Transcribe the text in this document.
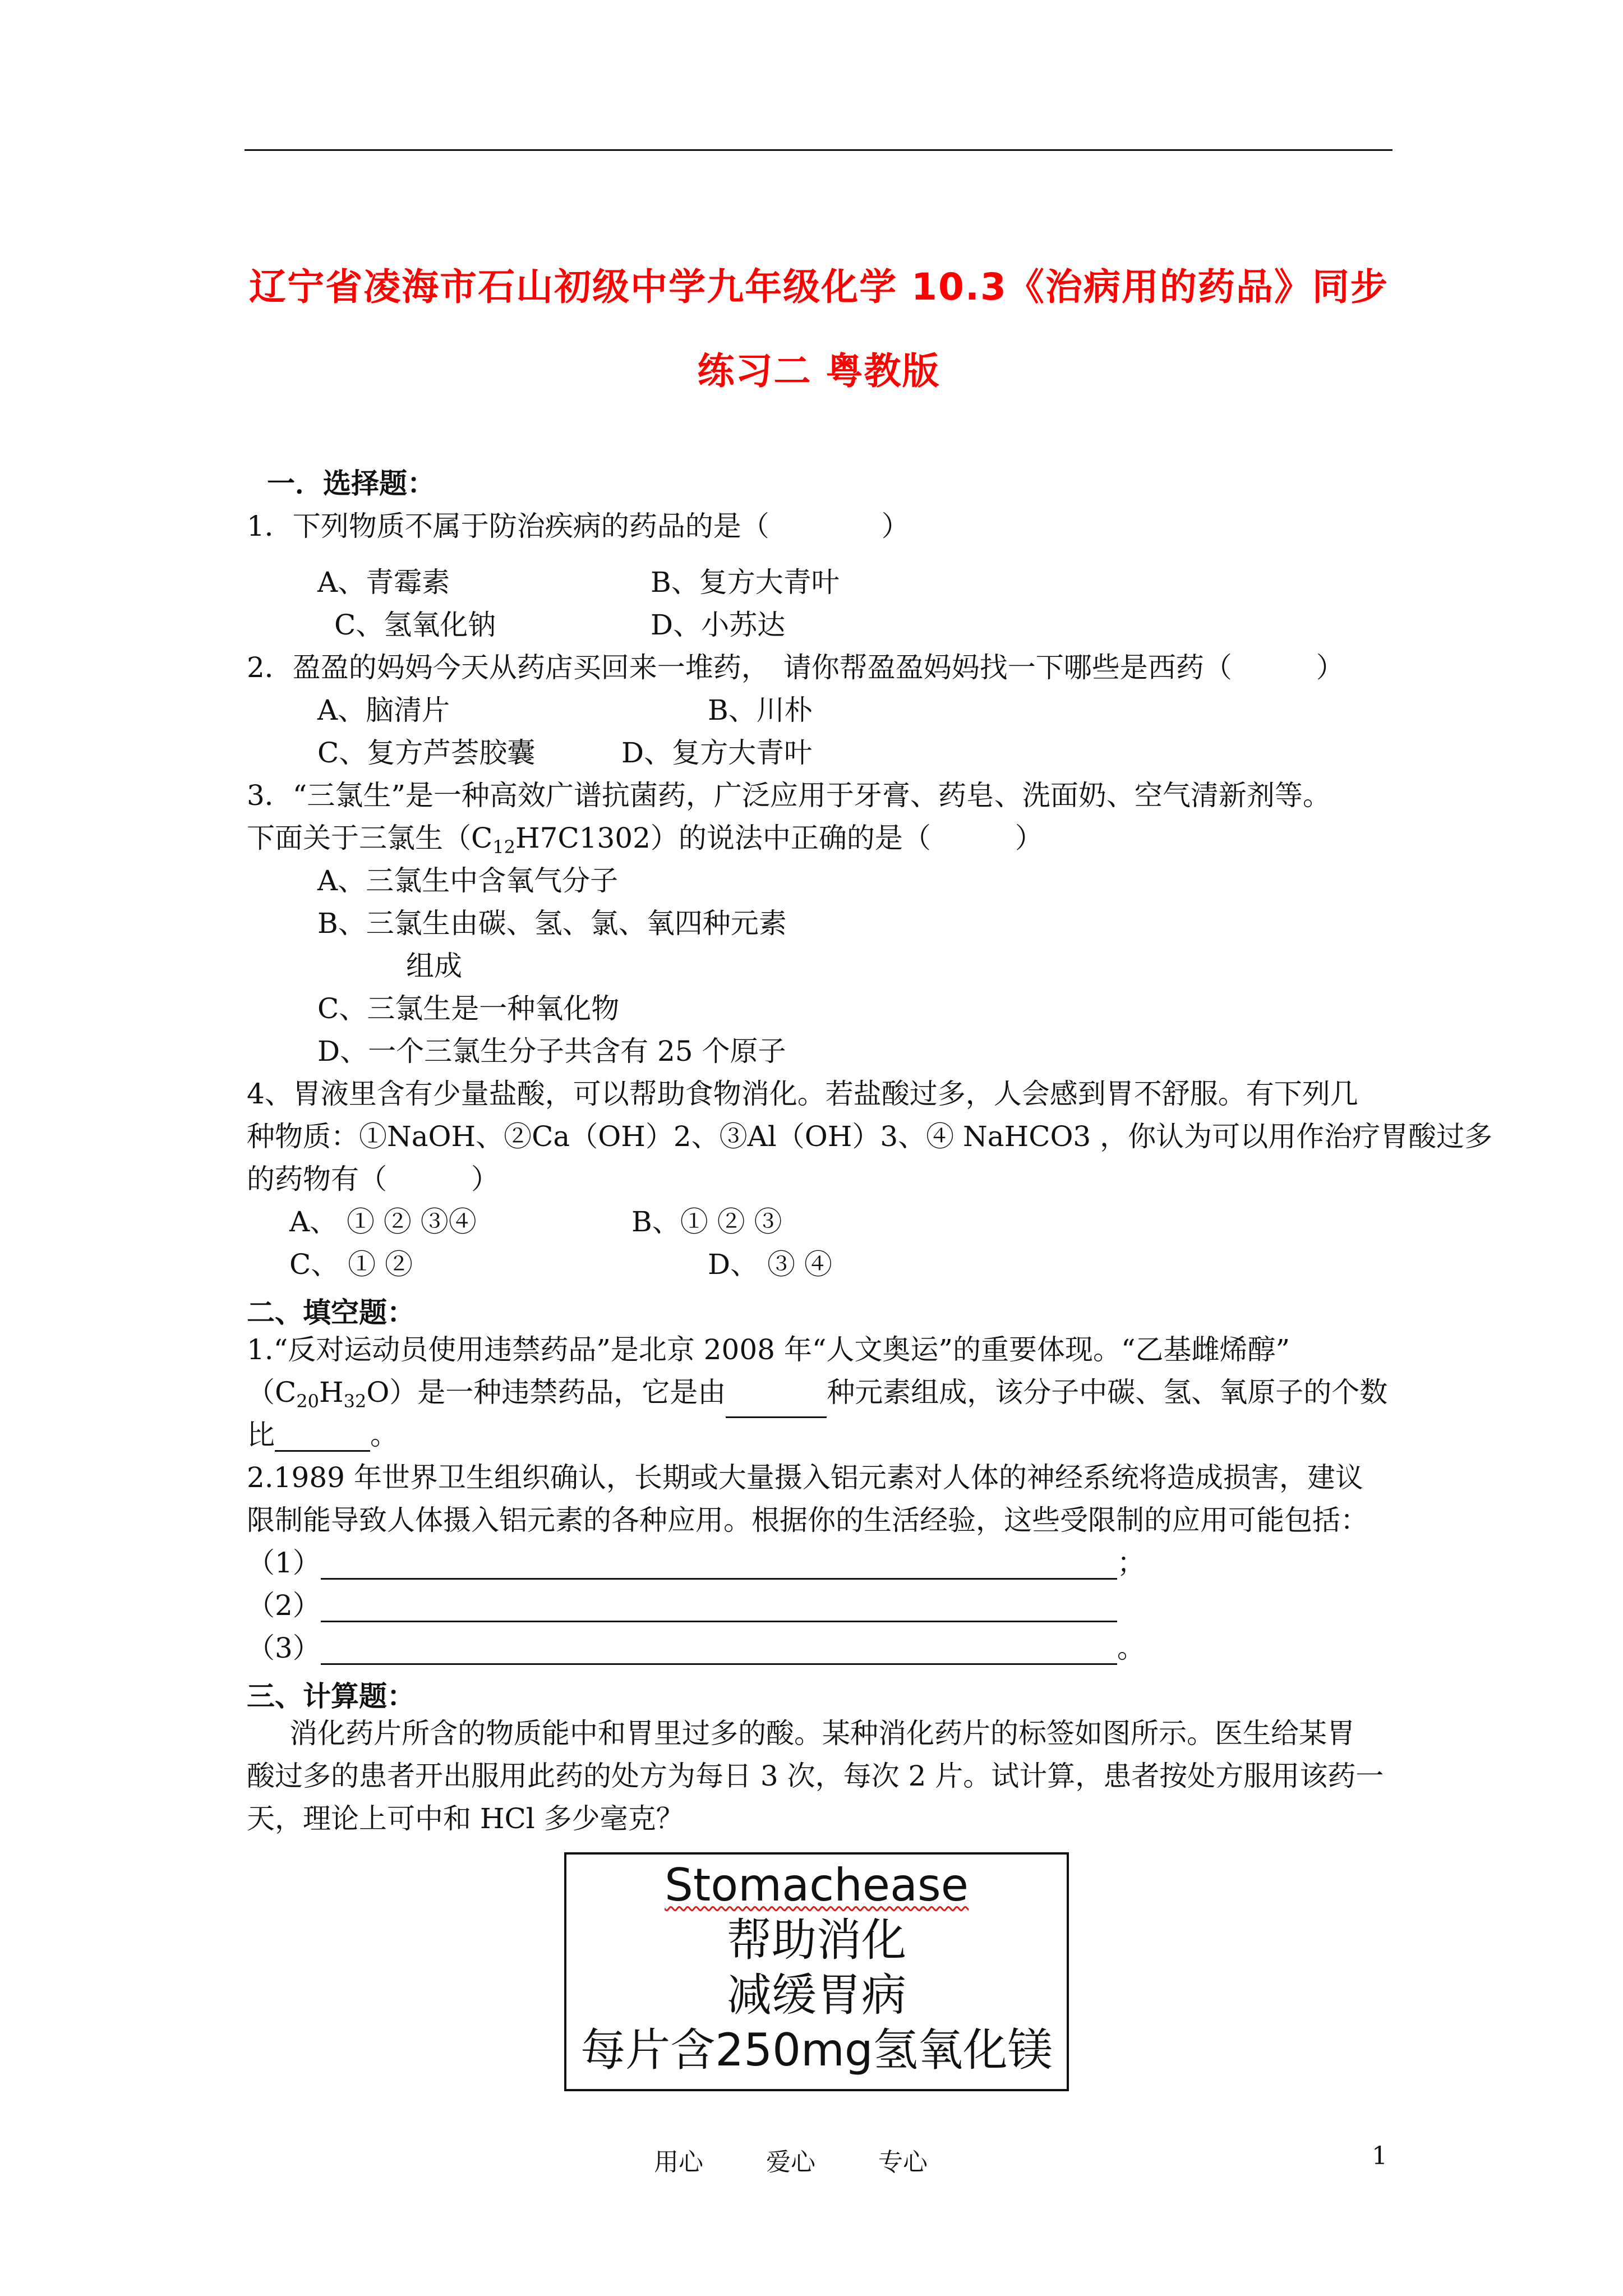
辽宁省凌海市石山初级中学九年级化学 10.3《治病用的药品》同步
练习二 粤教版
一．选择题：
1．下列物质不属于防治疾病的药品的是（　　　　）
A、青霉素	B、复方大青叶
C、氢氧化钠	D、小苏达
2．盈盈的妈妈今天从药店买回来一堆药，　请你帮盈盈妈妈找一下哪些是西药（　　　）
A、脑清片	B、川朴
C、复方芦荟胶囊	D、复方大青叶
3．“三氯生”是一种高效广谱抗菌药，广泛应用于牙膏、药皂、洗面奶、空气清新剂等。
下面关于三氯生$(C_{12}H7C1302)$的说法中正确的是（　　　）
A、三氯生中含氧气分子
B、三氯生由碳、氢、氯、氧四种元素
组成
C、三氯生是一种氧化物
D、一个三氯生分子共含有 25 个原子
4、胃液里含有少量盐酸，可以帮助食物消化。若盐酸过多，人会感到胃不舒服。有下列几
种物质：①NaOH、②Ca（OH）2、③Al（OH）3、④ NaHCO3 ，你认为可以用作治疗胃酸过多
的药物有（　　　）
A、 ① ② ③④	B、① ② ③
C、 ① ②	D、 ③ ④
二、填空题：
1.“反对运动员使用违禁药品”是北京 2008 年“人文奥运”的重要体现。“乙基雌烯醇”
$(C_{20}H_{32}O)$是一种违禁药品，它是由	种元素组成，该分子中碳、氢、氧原子的个数
比	。
2.1989 年世界卫生组织确认，长期或大量摄入铝元素对人体的神经系统将造成损害，建议
限制能导致人体摄入铝元素的各种应用。根据你的生活经验，这些受限制的应用可能包括：
（1）	；
（2）
（3）	。
三、计算题：
消化药片所含的物质能中和胃里过多的酸。某种消化药片的标签如图所示。医生给某胃
酸过多的患者开出服用此药的处方为每日 3 次，每次 2 片。试计算，患者按处方服用该药一
天，理论上可中和 HCl 多少毫克？
Stomachease
帮助消化
减缓胃病
每片含250mg氢氧化镁
用心	爱心	专心	1
